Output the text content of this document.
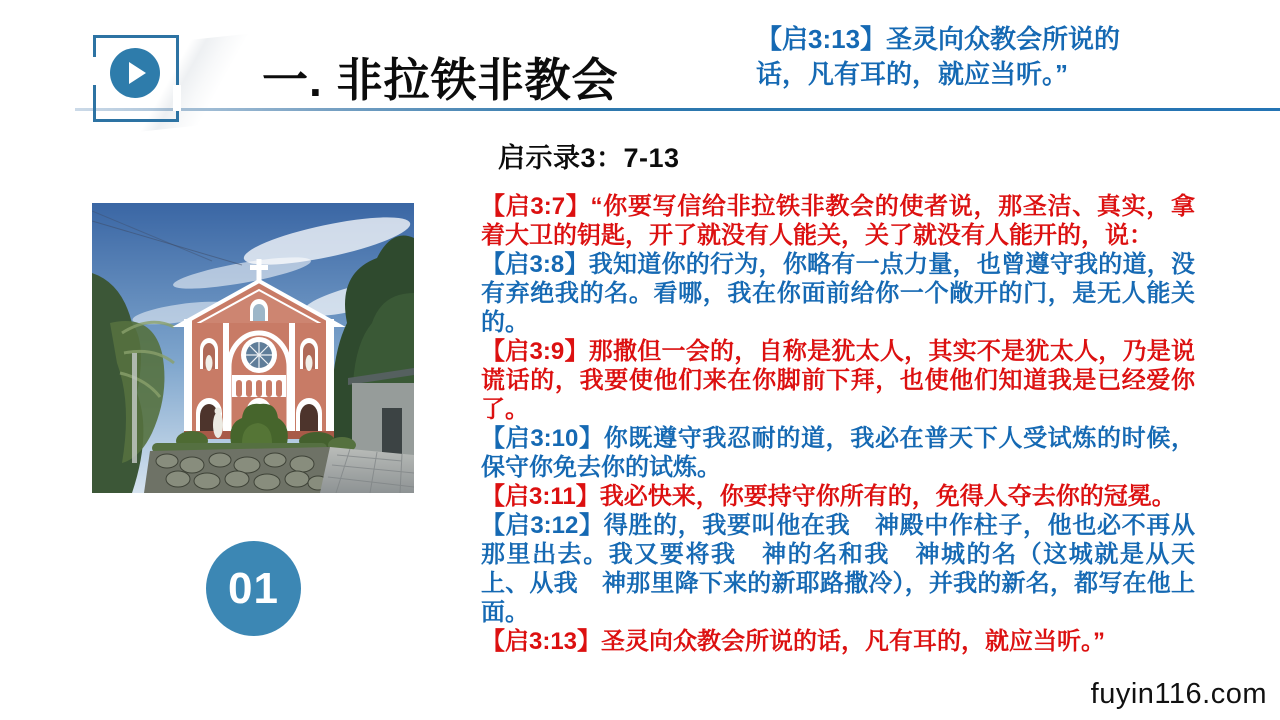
一. 非拉铁非教会
【启3:13】圣灵向众教会所说的
话，凡有耳的，就应当听。”
启示录3：7-13
01

【启3:7】“你要写信给非拉铁非教会的使者说，那圣洁、真实，拿着大卫的钥匙，开了就没有人能关，关了就没有人能开的，说：

【启3:8】我知道你的行为，你略有一点力量，也曾遵守我的道，没有弃绝我的名。看哪，我在你面前给你一个敞开的门，是无人能关的。

【启3:9】那撒但一会的，自称是犹太人，其实不是犹太人，乃是说谎话的，我要使他们来在你脚前下拜，也使他们知道我是已经爱你了。

【启3:10】你既遵守我忍耐的道，我必在普天下人受试炼的时候，保守你免去你的试炼。

【启3:11】我必快来，你要持守你所有的，免得人夺去你的冠冕。

【启3:12】得胜的，我要叫他在我　神殿中作柱子，他也必不再从那里出去。我又要将我　神的名和我　神城的名（这城就是从天上、从我　神那里降下来的新耶路撒冷），并我的新名，都写在他上面。

【启3:13】圣灵向众教会所说的话，凡有耳的，就应当听。”

fuyin116.com
